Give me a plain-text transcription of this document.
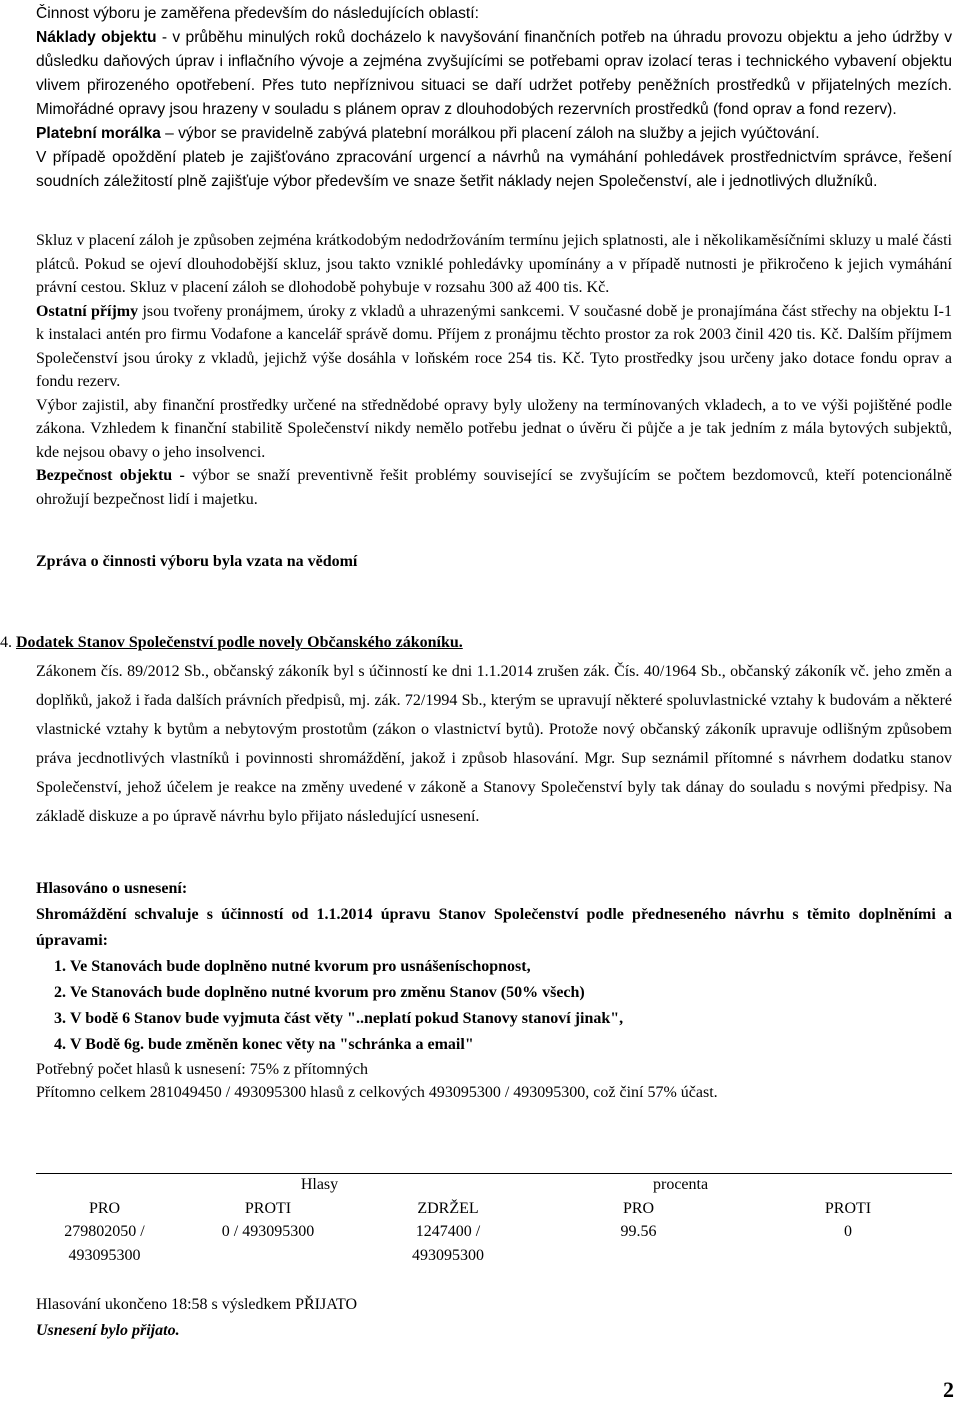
Činnost výboru je zaměřena především do následujících oblastí:

Náklady objektu - v průběhu minulých roků docházelo k navyšování finančních potřeb na úhradu provozu objektu a jeho údržby v důsledku daňových úprav i inflačního vývoje a zejména zvyšujícími se potřebami oprav izolací teras i technického vybavení objektu vlivem přirozeného opotřebení. Přes tuto nepříznivou situaci se daří udržet potřeby peněžních prostředků v přijatelných mezích. Mimořádné opravy jsou hrazeny v souladu s plánem oprav z dlouhodobých rezervních prostředků (fond oprav a fond rezerv).

Platební morálka – výbor se pravidelně zabývá platební morálkou při placení záloh na služby a jejich vyúčtování.

V případě opoždění plateb je zajišťováno zpracování urgencí a návrhů na vymáhání pohledávek prostřednictvím správce, řešení soudních záležitostí plně zajišťuje výbor především ve snaze šetřit náklady nejen Společenství, ale i jednotlivých dlužníků.

Skluz v placení záloh je způsoben zejména krátkodobým nedodržováním termínu jejich splatnosti, ale i několikaměsíčními skluzy u malé části plátců. Pokud se ojeví dlouhodobější skluz, jsou takto vzniklé pohledávky upomínány a v případě nutnosti je přikročeno k jejich vymáhání právní cestou. Skluz v placení záloh se dlohodobě pohybuje v rozsahu 300 až 400 tis. Kč.

Ostatní příjmy jsou tvořeny pronájmem, úroky z vkladů a uhrazenými sankcemi. V současné době je pronajímána část střechy na objektu I-1 k instalaci antén pro firmu Vodafone a kancelář správě domu. Příjem z pronájmu těchto prostor za rok 2003 činil 420 tis. Kč. Dalším příjmem Společenství jsou úroky z vkladů, jejichž výše dosáhla v loňském roce 254 tis. Kč. Tyto prostředky jsou určeny jako dotace fondu oprav a fondu rezerv.

Výbor zajistil, aby finanční prostředky určené na střednědobé opravy byly uloženy na termínovaných vkladech, a to ve výši pojištěné podle zákona. Vzhledem k finanční stabilitě Společenství nikdy nemělo potřebu jednat o úvěru či půjče a je tak jedním z mála bytových subjektů, kde nejsou obavy o jeho insolvenci.

Bezpečnost objektu - výbor se snaží preventivně řešit problémy související se zvyšujícím se počtem bezdomovců, kteří potencionálně ohrožují bezpečnost lidí i majetku.

Zpráva o činnosti výboru byla vzata na vědomí

4. Dodatek Stanov Společenství podle novely Občanského zákoníku.

Zákonem čís. 89/2012 Sb., občanský zákoník byl s účinností ke dni 1.1.2014 zrušen zák. Čís. 40/1964 Sb., občanský zákoník vč. jeho změn a doplňků, jakož i řada dalších právních předpisů, mj. zák. 72/1994 Sb., kterým se upravují některé spoluvlastnické vztahy k budovám a některé vlastnické vztahy k bytům a nebytovým prostotům (zákon o vlastnictví bytů). Protože nový občanský zákoník upravuje odlišným způsobem práva jecdnotlivých vlastníků i povinnosti shromáždění, jakož i způsob hlasování. Mgr. Sup seznámil přítomné s návrhem dodatku stanov Společenství, jehož účelem je reakce na změny uvedené v zákoně a Stanovy Společenství byly tak dánay do souladu s novými předpisy. Na základě diskuze a po úpravě návrhu bylo přijato následující usnesení.

Hlasováno o usnesení:

Shromáždění schvaluje s účinností od 1.1.2014 úpravu Stanov Společenství podle předneseného návrhu s těmito doplněními a úpravami:

1. Ve Stanovách bude doplněno nutné kvorum pro usnášeníschopnost,
2. Ve Stanovách bude doplněno nutné kvorum pro změnu Stanov (50% všech)
3. V bodě 6 Stanov bude vyjmuta část věty "..neplatí pokud Stanovy stanoví jinak",
4. V Bodě 6g. bude změněn konec věty na "schránka a email"

Potřebný počet hlasů k usnesení: 75% z přítomných

Přítomno celkem 281049450 / 493095300 hlasů z celkových 493095300 / 493095300, což činí 57% účast.

Hlasy			procenta	
PRO	PROTI	ZDRŽEL	PRO	PROTI
279802050 / 493095300	0 / 493095300	1247400 / 493095300	99.56	0

Hlasování ukončeno 18:58 s výsledkem PŘIJATO

Usnesení bylo přijato.

2
